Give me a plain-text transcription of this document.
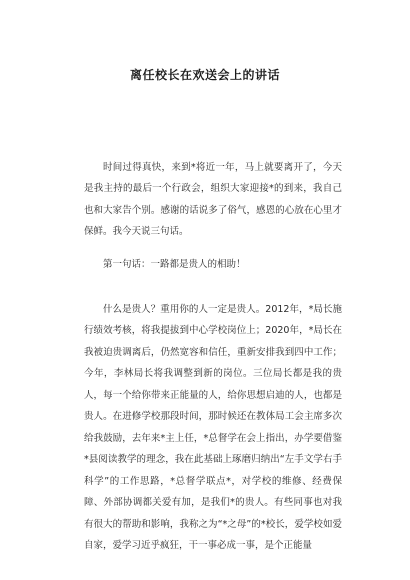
离任校长在欢送会上的讲话

时间过得真快，来到*将近一年，马上就要离开了，今天是我主持的最后一个行政会，组织大家迎接*的到来，我自己也和大家告个别。感谢的话说多了俗气，感恩的心放在心里才保鲜。我今天说三句话。

第一句话：一路都是贵人的相助！

什么是贵人？重用你的人一定是贵人。2012年，*局长施行绩效考核，将我提拔到中心学校岗位上；2020年，*局长在我被迫贵调离后，仍然宽容和信任，重新安排我到四中工作；今年，李林局长将我调整到新的岗位。三位局长都是我的贵人，每一个给你带来正能量的人，给你思想启迪的人，也都是贵人。在进修学校那段时间，那时候还在教体局工会主席多次给我鼓励，去年来*主上任，*总督学在会上指出，办学要借鉴*县阅读教学的理念，我在此基础上琢磨归纳出“左手文学右手科学”的工作思路，*总督学联点*，对学校的维修、经费保障、外部协调都关爱有加，是我们*的贵人。有些同事也对我有很大的帮助和影响，我称之为“*之母”的*校长，爱学校如爱自家，爱学习近乎疯狂，干一事必成一事，是个正能量
